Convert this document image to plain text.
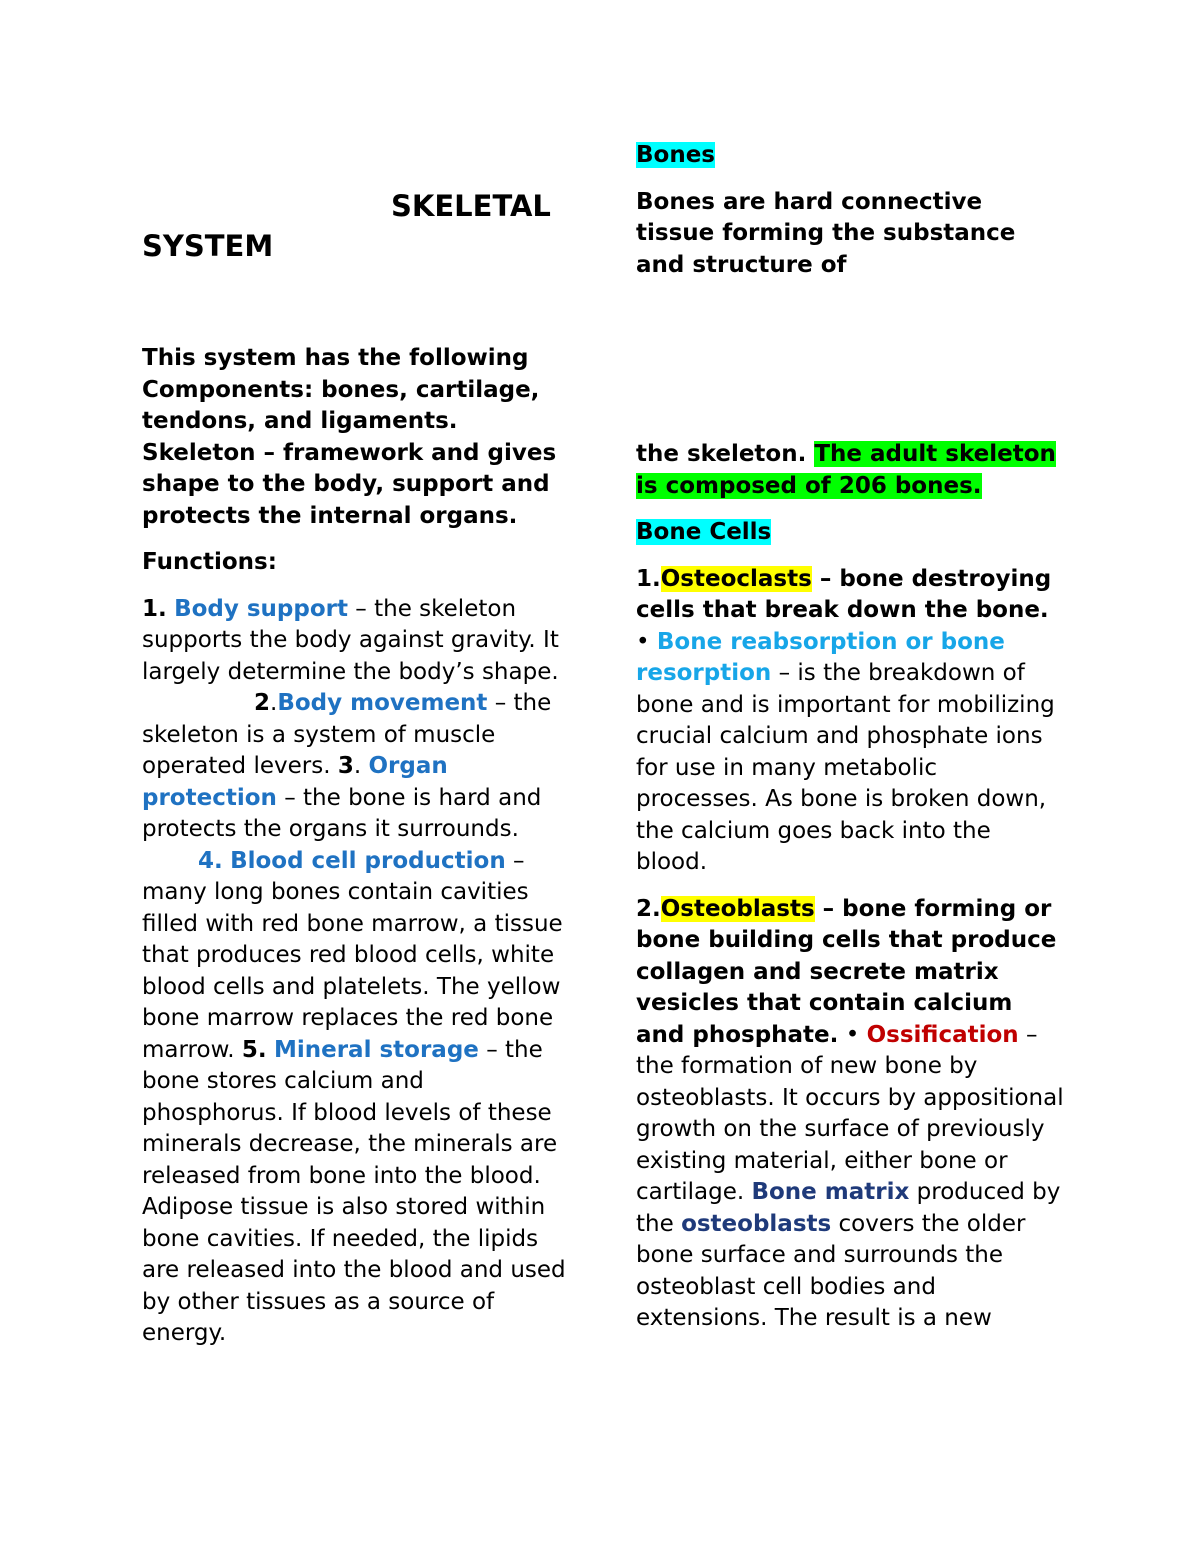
SKELETAL
SYSTEM

This system has the following Components: bones, cartilage, tendons, and ligaments. Skeleton – framework and gives shape to the body, support and protects the internal organs.

Functions:

1. Body support – the skeleton supports the body against gravity. It largely determine the body’s shape.2.Body movement – the skeleton is a system of muscle operated levers. 3. Organ protection – the bone is hard and protects the organs it surrounds.4. Blood cell production – many long bones contain cavities filled with red bone marrow, a tissue that produces red blood cells, white blood cells and platelets. The yellow bone marrow replaces the red bone marrow. 5. Mineral storage – the bone stores calcium and phosphorus. If blood levels of these minerals decrease, the minerals are released from bone into the blood. Adipose tissue is also stored within bone cavities. If needed, the lipids are released into the blood and used by other tissues as a source of energy.

Bones

Bones are hard connective tissue forming the substance and structure of

the skeleton. The adult skeleton is composed of 206 bones.

Bone Cells

1.Osteoclasts – bone destroying cells that break down the bone. • Bone reabsorption or bone resorption – is the breakdown of bone and is important for mobilizing crucial calcium and phosphate ions for use in many metabolic processes. As bone is broken down, the calcium goes back into the blood.

2.Osteoblasts – bone forming or bone building cells that produce collagen and secrete matrix vesicles that contain calcium and phosphate. • Ossification – the formation of new bone by osteoblasts. It occurs by appositional growth on the surface of previously existing material, either bone or cartilage. Bone matrix produced by the osteoblasts covers the older bone surface and surrounds the osteoblast cell bodies and extensions. The result is a new
